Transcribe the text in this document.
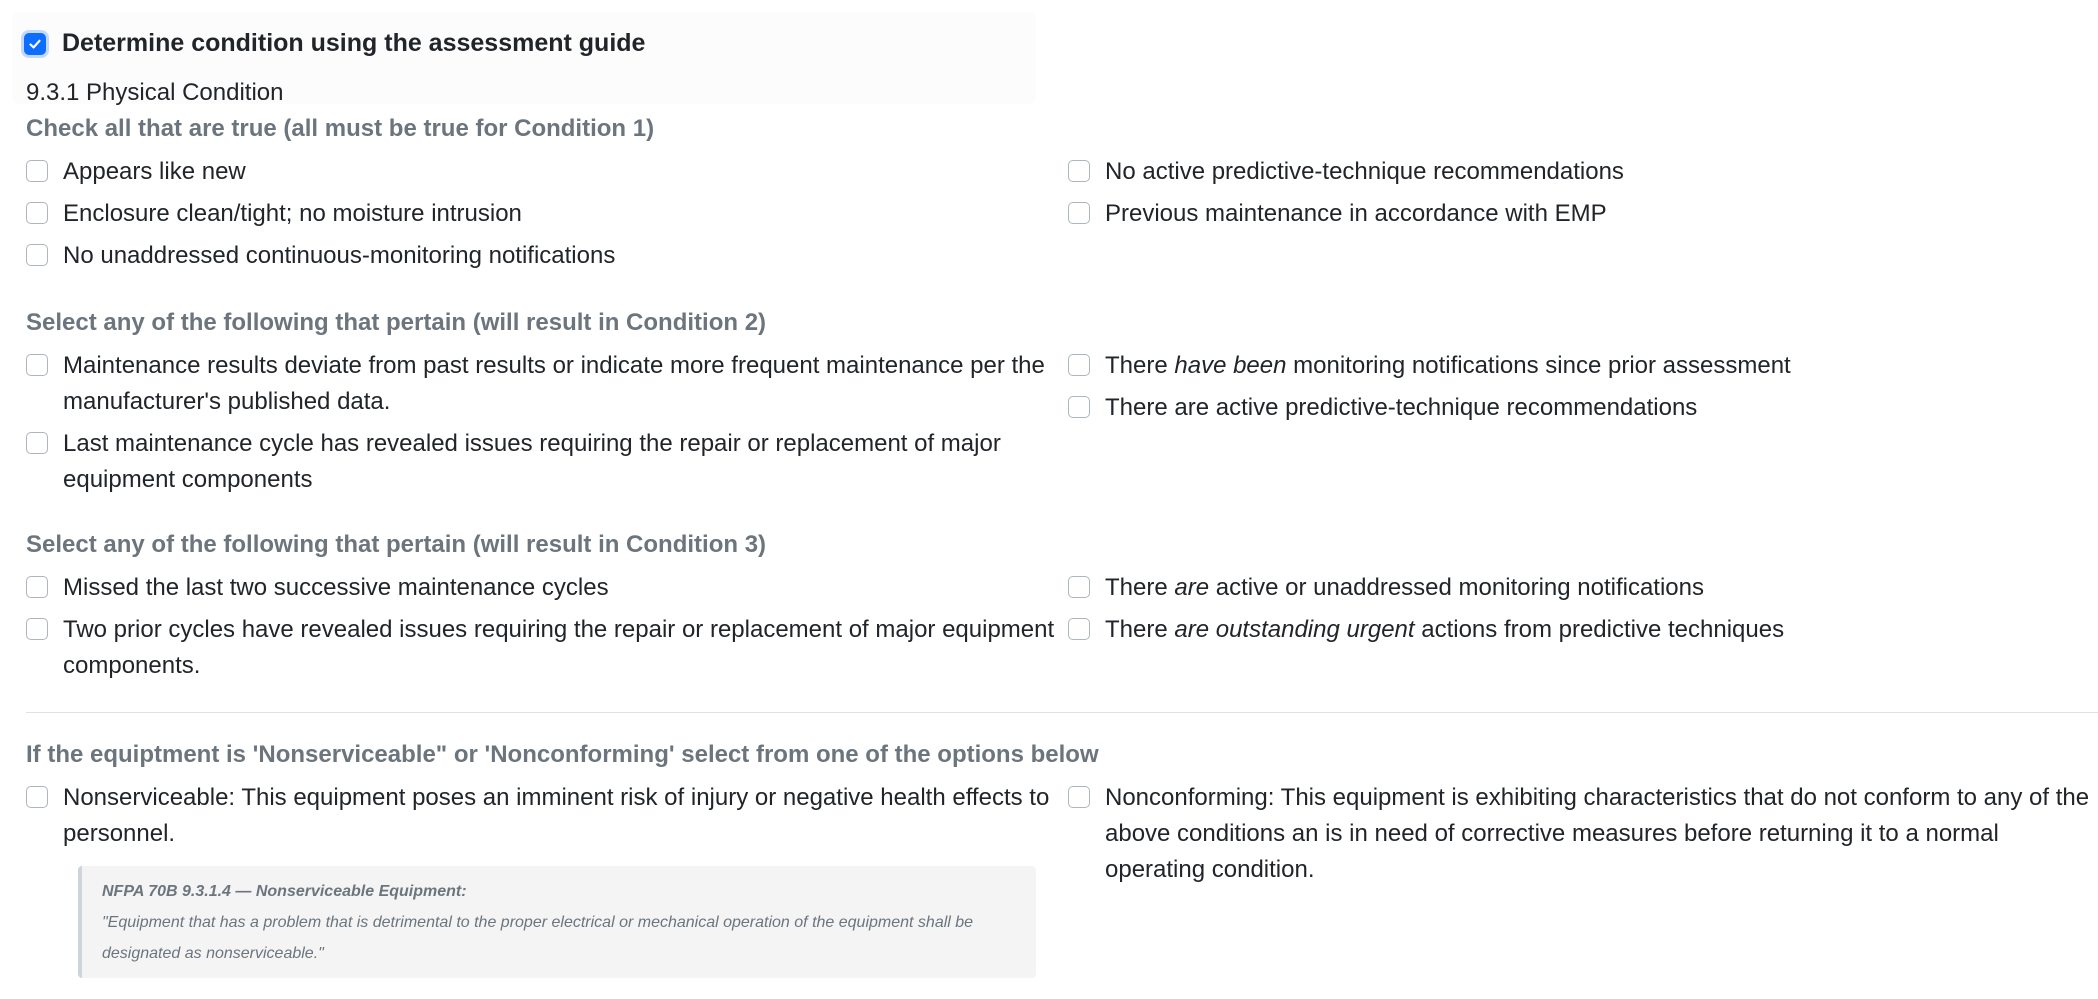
Determine condition using the assessment guide
9.3.1 Physical Condition
Check all that are true (all must be true for Condition 1)
Appears like new
Enclosure clean/tight; no moisture intrusion
No unaddressed continuous-monitoring notifications
No active predictive-technique recommendations
Previous maintenance in accordance with EMP
Select any of the following that pertain (will result in Condition 2)
Maintenance results deviate from past results or indicate more frequent maintenance per the manufacturer's published data.
Last maintenance cycle has revealed issues requiring the repair or replacement of major equipment components
There have been monitoring notifications since prior assessment
There are active predictive-technique recommendations
Select any of the following that pertain (will result in Condition 3)
Missed the last two successive maintenance cycles
Two prior cycles have revealed issues requiring the repair or replacement of major equipment components.
There are active or unaddressed monitoring notifications
There are outstanding urgent actions from predictive techniques
If the equiptment is 'Nonserviceable" or 'Nonconforming' select from one of the options below
Nonserviceable: This equipment poses an imminent risk of injury or negative health effects to personnel.
Nonconforming: This equipment is exhibiting characteristics that do not conform to any of the above conditions an is in need of corrective measures before returning it to a normal operating condition.
NFPA 70B 9.3.1.4 — Nonserviceable Equipment:
"Equipment that has a problem that is detrimental to the proper electrical or mechanical operation of the equipment shall be designated as nonserviceable."
